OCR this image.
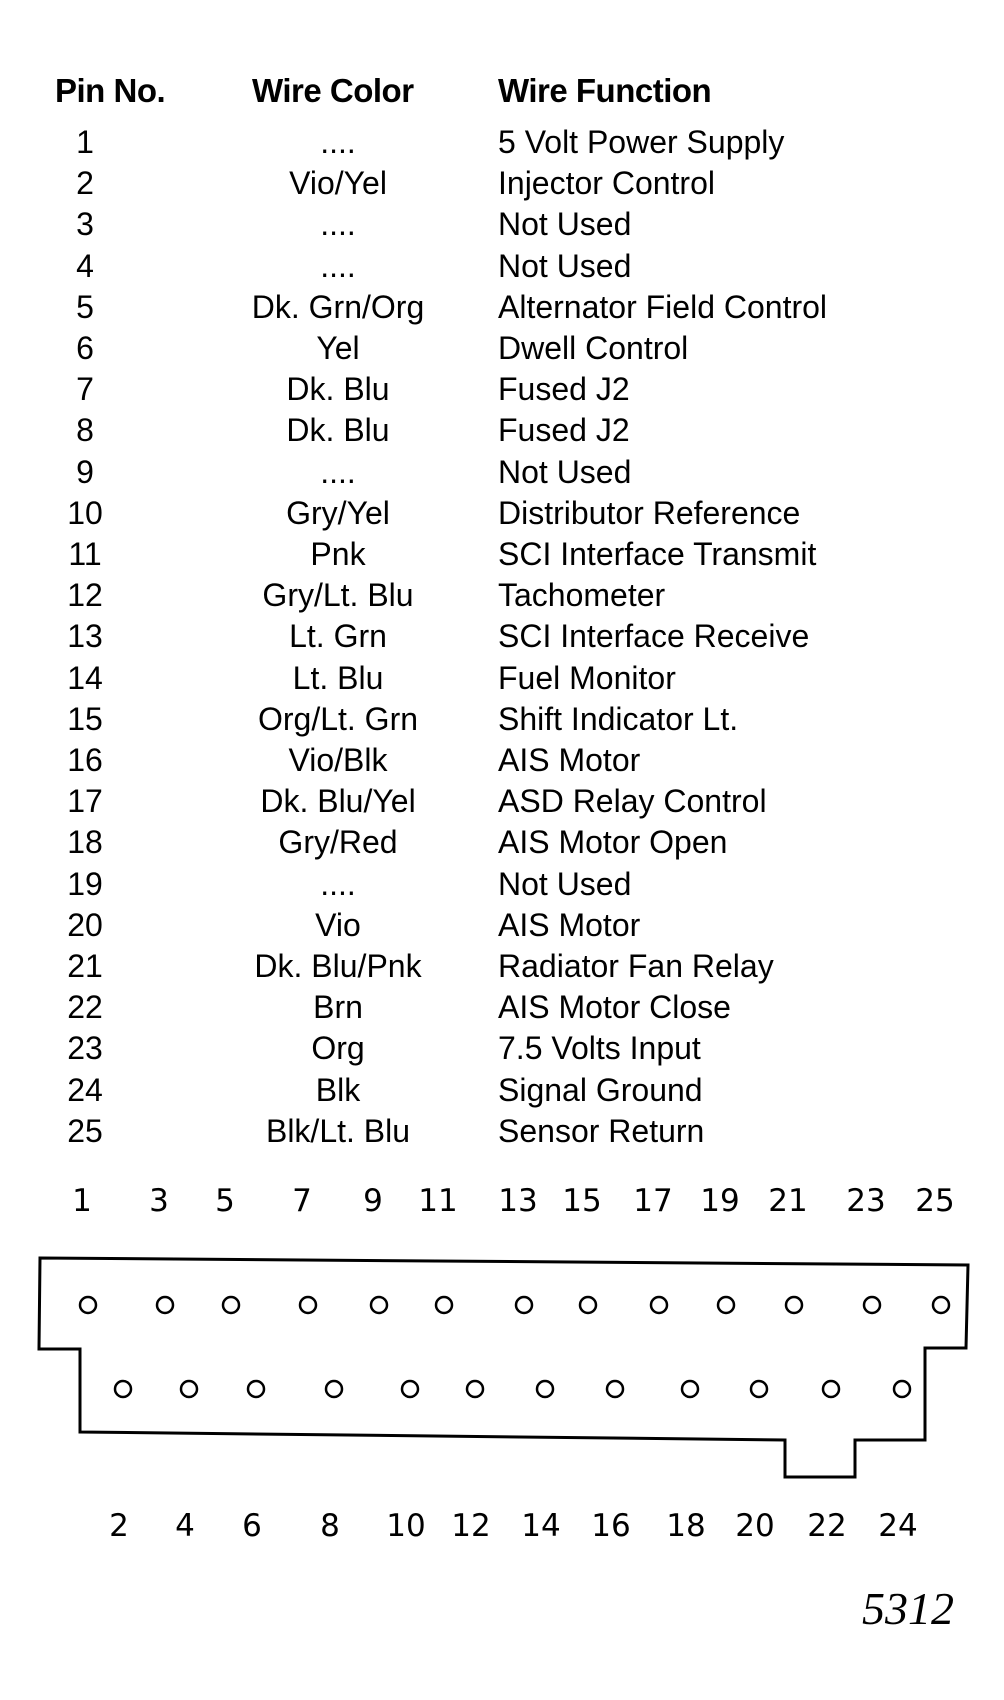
Pin No.	Wire Color	Wire Function
1	....	5 Volt Power Supply
2	Vio/Yel	Injector Control
3	....	Not Used
4	....	Not Used
5	Dk. Grn/Org	Alternator Field Control
6	Yel	Dwell Control
7	Dk. Blu	Fused J2
8	Dk. Blu	Fused J2
9	....	Not Used
10	Gry/Yel	Distributor Reference
11	Pnk	SCI Interface Transmit
12	Gry/Lt. Blu	Tachometer
13	Lt. Grn	SCI Interface Receive
14	Lt. Blu	Fuel Monitor
15	Org/Lt. Grn	Shift Indicator Lt.
16	Vio/Blk	AIS Motor
17	Dk. Blu/Yel	ASD Relay Control
18	Gry/Red	AIS Motor Open
19	....	Not Used
20	Vio	AIS Motor
21	Dk. Blu/Pnk	Radiator Fan Relay
22	Brn	AIS Motor Close
23	Org	7.5 Volts Input
24	Blk	Signal Ground
25	Blk/Lt. Blu	Sensor Return
1 3 5 7 9 11 13 15 17 19 21 23 25
2 4 6 8 10 12 14 16 18 20 22 24
5312
